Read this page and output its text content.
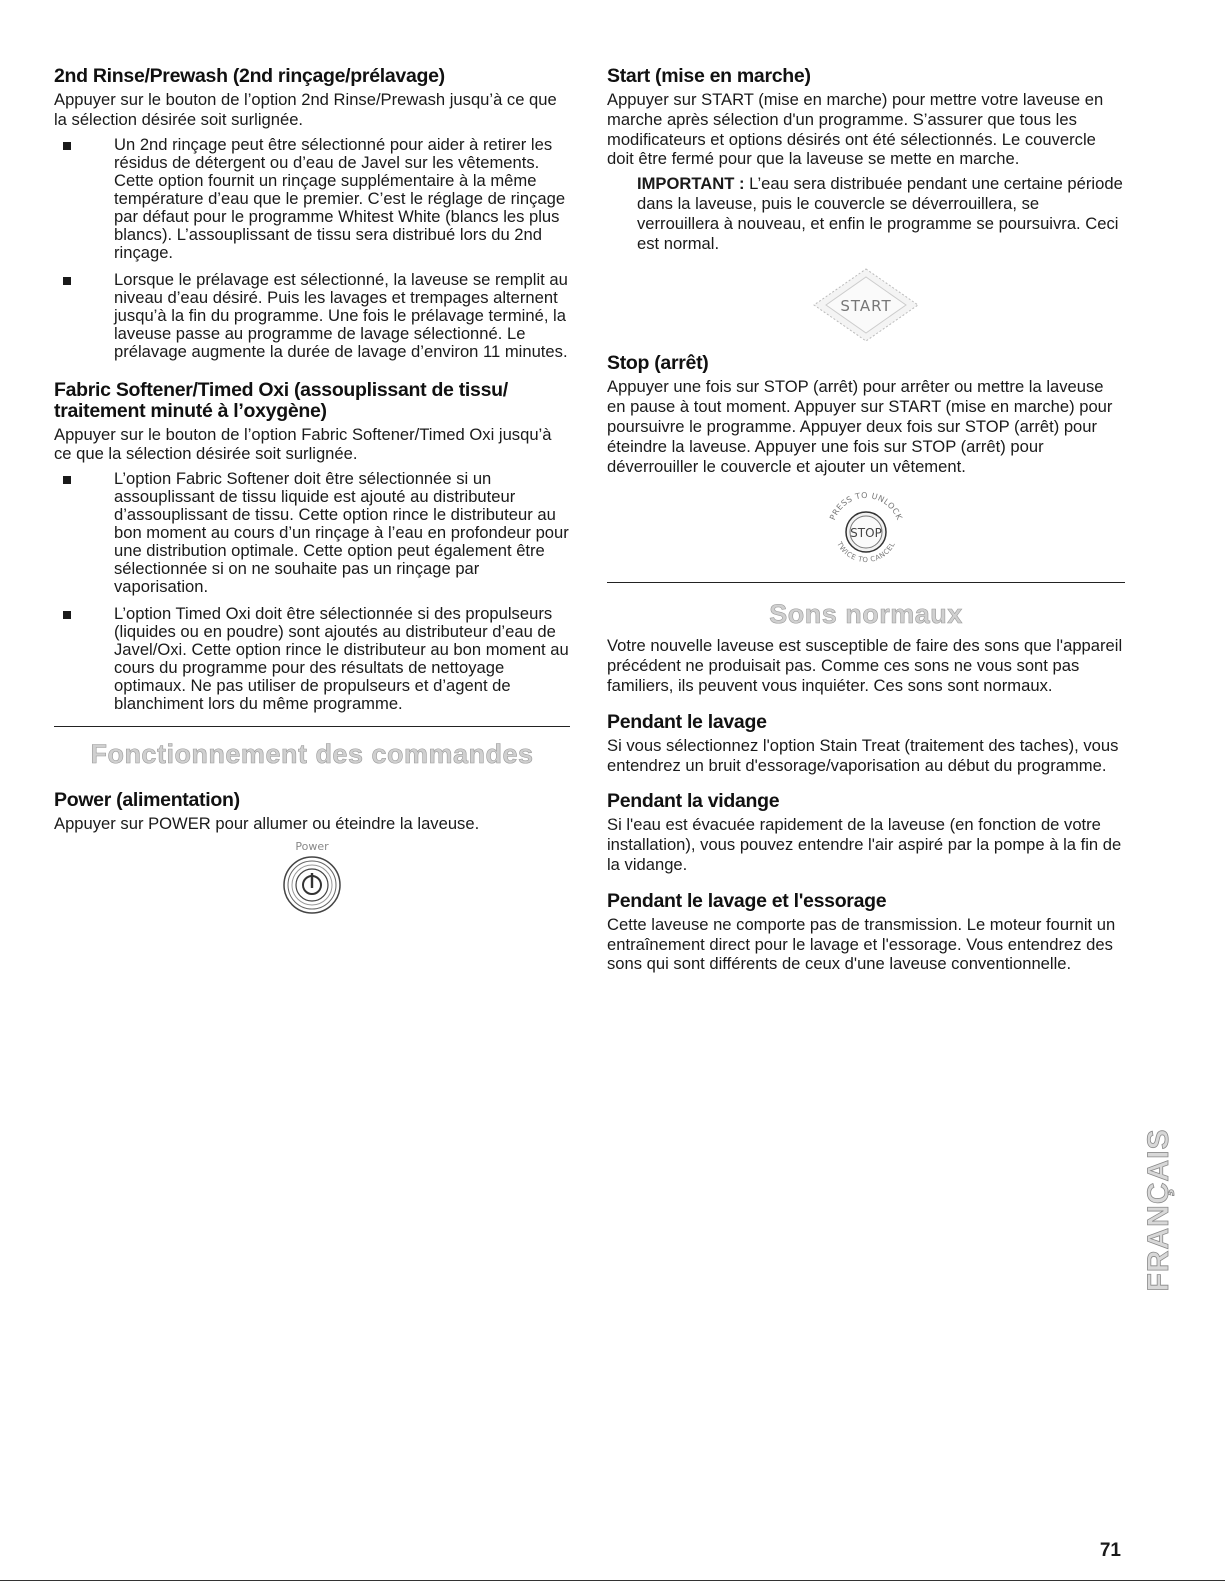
2nd Rinse/Prewash (2nd rinçage/prélavage)

Appuyer sur le bouton de l’option 2nd Rinse/Prewash jusqu’à ce que la sélection désirée soit surlignée.

Un 2nd rinçage peut être sélectionné pour aider à retirer les résidus de détergent ou d’eau de Javel sur les vêtements. Cette option fournit un rinçage supplémentaire à la même température d’eau que le premier. C’est le réglage de rinçage par défaut pour le programme Whitest White (blancs les plus blancs). L’assouplissant de tissu sera distribué lors du 2nd rinçage.
Lorsque le prélavage est sélectionné, la laveuse se remplit au niveau d’eau désiré. Puis les lavages et trempages alternent jusqu’à la fin du programme. Une fois le prélavage terminé, la laveuse passe au programme de lavage sélectionné. Le prélavage augmente la durée de lavage d’environ 11 minutes.
Fabric Softener/Timed Oxi (assouplissant de tissu/ traitement minuté à l’oxygène)

Appuyer sur le bouton de l’option Fabric Softener/Timed Oxi jusqu’à ce que la sélection désirée soit surlignée.

L’option Fabric Softener doit être sélectionnée si un assouplissant de tissu liquide est ajouté au distributeur d’assouplissant de tissu. Cette option rince le distributeur au bon moment au cours d’un rinçage à l’eau en profondeur pour une distribution optimale. Cette option peut également être sélectionnée si on ne souhaite pas un rinçage par vaporisation.
L’option Timed Oxi doit être sélectionnée si des propulseurs (liquides ou en poudre) sont ajoutés au distributeur d’eau de Javel/Oxi. Cette option rince le distributeur au bon moment au cours du programme pour des résultats de nettoyage optimaux. Ne pas utiliser de propulseurs et d’agent de blanchiment lors du même programme.
Fonctionnement des commandes
Power (alimentation)

Appuyer sur POWER pour allumer ou éteindre la laveuse.

Power
Start (mise en marche)

Appuyer sur START (mise en marche) pour mettre votre laveuse en marche après sélection d'un programme. S’assurer que tous les modificateurs et options désirés ont été sélectionnés. Le couvercle doit être fermé pour que la laveuse se mette en marche.

IMPORTANT : L’eau sera distribuée pendant une certaine période dans la laveuse, puis le couvercle se déverrouillera, se verrouillera à nouveau, et enfin le programme se poursuivra. Ceci est normal.

START
Stop (arrêt)

Appuyer une fois sur STOP (arrêt) pour arrêter ou mettre la laveuse en pause à tout moment. Appuyer sur START (mise en marche) pour poursuivre le programme. Appuyer deux fois sur STOP (arrêt) pour éteindre la laveuse. Appuyer une fois sur STOP (arrêt) pour déverrouiller le couvercle et ajouter un vêtement.

PRESS TO UNLOCK
TWICE TO CANCEL
STOP
Sons normaux

Votre nouvelle laveuse est susceptible de faire des sons que l'appareil précédent ne produisait pas. Comme ces sons ne vous sont pas familiers, ils peuvent vous inquiéter. Ces sons sont normaux.

Pendant le lavage

Si vous sélectionnez l'option Stain Treat (traitement des taches), vous entendrez un bruit d'essorage/vaporisation au début du programme.

Pendant la vidange

Si l'eau est évacuée rapidement de la laveuse (en fonction de votre installation), vous pouvez entendre l'air aspiré par la pompe à la fin de la vidange.

Pendant le lavage et l'essorage

Cette laveuse ne comporte pas de transmission. Le moteur fournit un entraînement direct pour le lavage et l'essorage. Vous entendrez des sons qui sont différents de ceux d'une laveuse conventionnelle.

FRANÇAIS
71
